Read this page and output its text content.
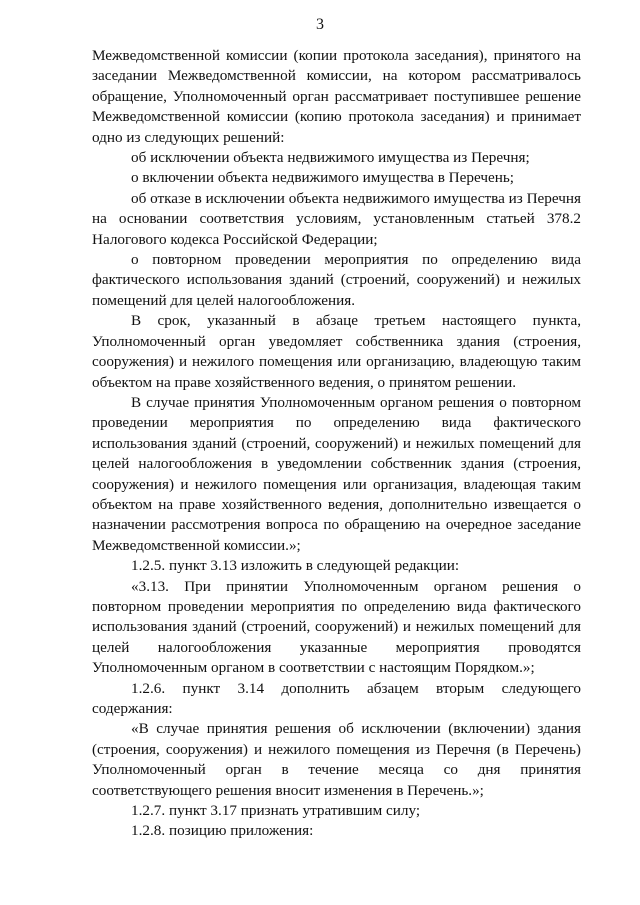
3

Межведомственной комиссии (копии протокола заседания), принятого на заседании Межведомственной комиссии, на котором рассматривалось обращение, Уполномоченный орган рассматривает поступившее решение Межведомственной комиссии (копию протокола заседания) и принимает одно из следующих решений:

об исключении объекта недвижимого имущества из Перечня;

о включении объекта недвижимого имущества в Перечень;

об отказе в исключении объекта недвижимого имущества из Перечня на основании соответствия условиям, установленным статьей 378.2 Налогового кодекса Российской Федерации;

о повторном проведении мероприятия по определению вида фактического использования зданий (строений, сооружений) и нежилых помещений для целей налогообложения.

В срок, указанный в абзаце третьем настоящего пункта, Уполномоченный орган уведомляет собственника здания (строения, сооружения) и нежилого помещения или организацию, владеющую таким объектом на праве хозяйственного ведения, о принятом решении.

В случае принятия Уполномоченным органом решения о повторном проведении мероприятия по определению вида фактического использования зданий (строений, сооружений) и нежилых помещений для целей налогообложения в уведомлении собственник здания (строения, сооружения) и нежилого помещения или организация, владеющая таким объектом на праве хозяйственного ведения, дополнительно извещается о назначении рассмотрения вопроса по обращению на очередное заседание Межведомственной комиссии.»;

1.2.5. пункт 3.13 изложить в следующей редакции:

«3.13. При принятии Уполномоченным органом решения о повторном проведении мероприятия по определению вида фактического использования зданий (строений, сооружений) и нежилых помещений для целей налогообложения указанные мероприятия проводятся Уполномоченным органом в соответствии с настоящим Порядком.»;

1.2.6. пункт 3.14 дополнить абзацем вторым следующего содержания:

«В случае принятия решения об исключении (включении) здания (строения, сооружения) и нежилого помещения из Перечня (в Перечень) Уполномоченный орган в течение месяца со дня принятия соответствующего решения вносит изменения в Перечень.»;

1.2.7. пункт 3.17 признать утратившим силу;

1.2.8. позицию приложения:
